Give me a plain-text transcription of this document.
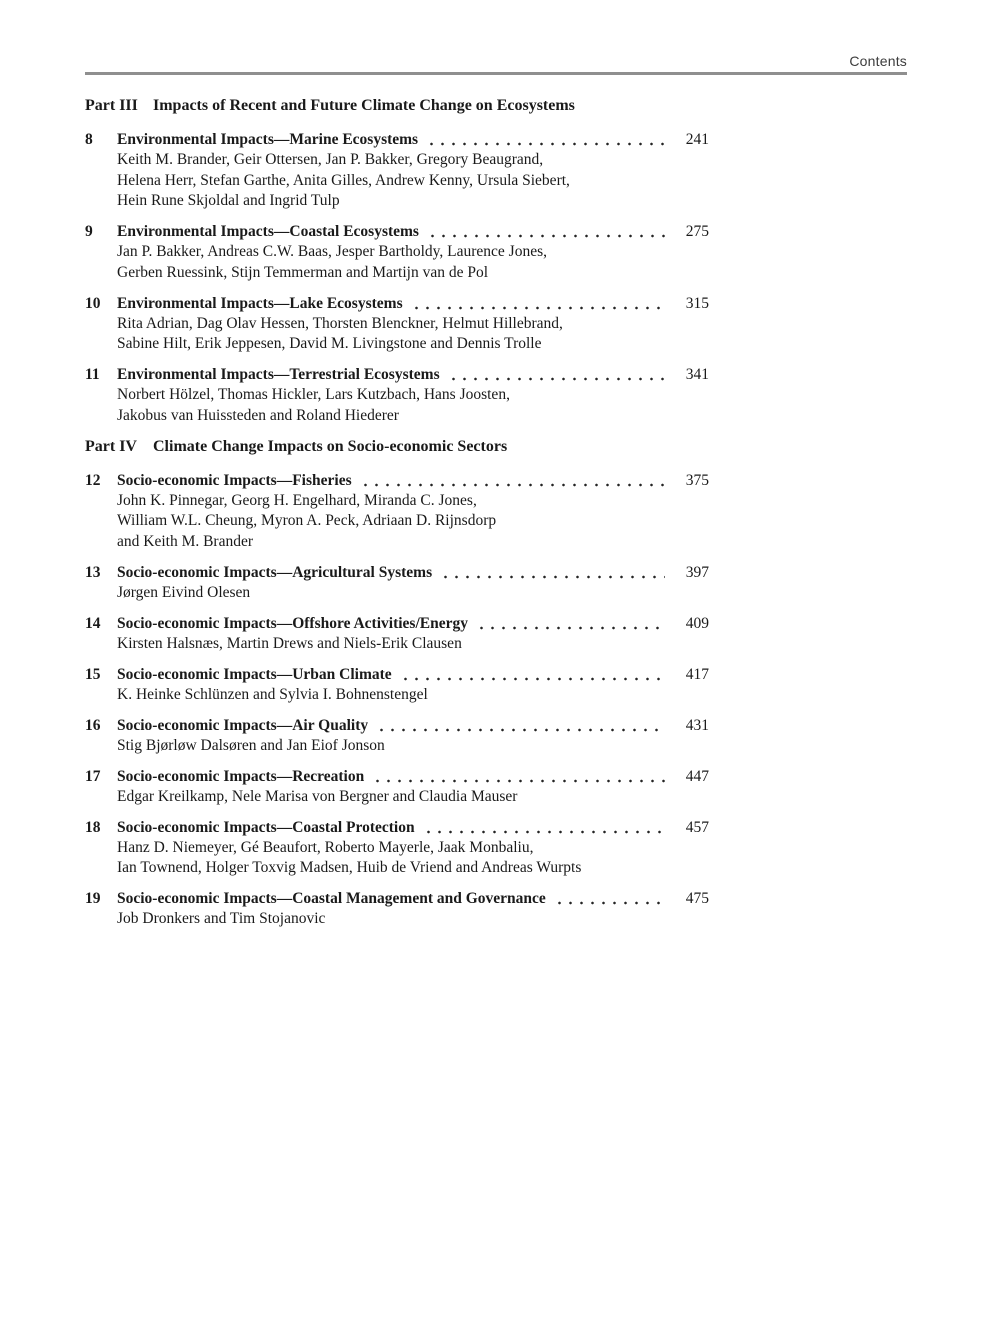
Contents
Part III Impacts of Recent and Future Climate Change on Ecosystems
8	Environmental Impacts—Marine Ecosystems	241
Keith M. Brander, Geir Ottersen, Jan P. Bakker, Gregory Beaugrand,
Helena Herr, Stefan Garthe, Anita Gilles, Andrew Kenny, Ursula Siebert,
Hein Rune Skjoldal and Ingrid Tulp
9	Environmental Impacts—Coastal Ecosystems	275
Jan P. Bakker, Andreas C.W. Baas, Jesper Bartholdy, Laurence Jones,
Gerben Ruessink, Stijn Temmerman and Martijn van de Pol
10	Environmental Impacts—Lake Ecosystems	315
Rita Adrian, Dag Olav Hessen, Thorsten Blenckner, Helmut Hillebrand,
Sabine Hilt, Erik Jeppesen, David M. Livingstone and Dennis Trolle
11	Environmental Impacts—Terrestrial Ecosystems	341
Norbert Hölzel, Thomas Hickler, Lars Kutzbach, Hans Joosten,
Jakobus van Huissteden and Roland Hiederer
Part IV	Climate Change Impacts on Socio-economic Sectors
12	Socio-economic Impacts—Fisheries	375
John K. Pinnegar, Georg H. Engelhard, Miranda C. Jones,
William W.L. Cheung, Myron A. Peck, Adriaan D. Rijnsdorp
and Keith M. Brander
13	Socio-economic Impacts—Agricultural Systems	397
Jørgen Eivind Olesen
14	Socio-economic Impacts—Offshore Activities/Energy	409
Kirsten Halsnæs, Martin Drews and Niels-Erik Clausen
15	Socio-economic Impacts—Urban Climate	417
K. Heinke Schlünzen and Sylvia I. Bohnenstengel
16	Socio-economic Impacts—Air Quality	431
Stig Bjørløw Dalsøren and Jan Eiof Jonson
17	Socio-economic Impacts—Recreation	447
Edgar Kreilkamp, Nele Marisa von Bergner and Claudia Mauser
18	Socio-economic Impacts—Coastal Protection	457
Hanz D. Niemeyer, Gé Beaufort, Roberto Mayerle, Jaak Monbaliu,
Ian Townend, Holger Toxvig Madsen, Huib de Vriend and Andreas Wurpts
19	Socio-economic Impacts—Coastal Management and Governance	475
Job Dronkers and Tim Stojanovic
